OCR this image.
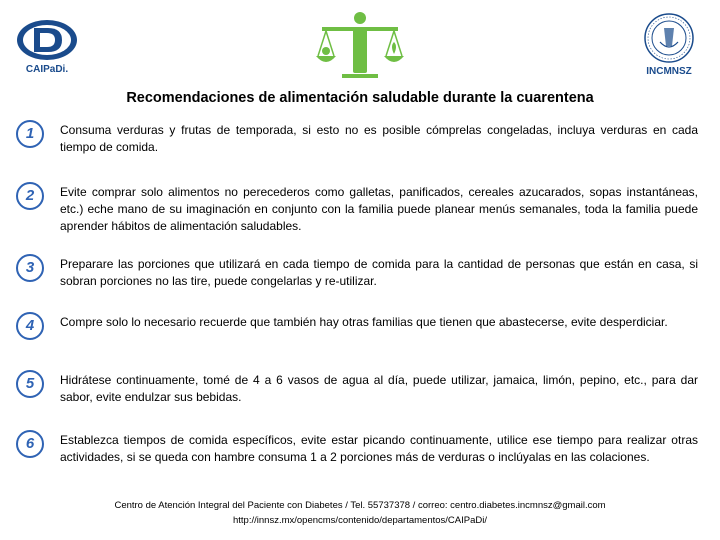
CAIPaDi.	INCMNSZ
Recomendaciones de alimentación saludable durante la cuarentena
1	Consuma verduras y frutas de temporada, si esto no es posible cómprelas congeladas, incluya verduras en cada tiempo de comida.
2	Evite comprar solo alimentos no perecederos como galletas, panificados, cereales azucarados, sopas instantáneas, etc.) eche mano de su imaginación en conjunto con la familia puede planear menús semanales, toda la familia puede aprender hábitos de alimentación saludables.
3	Preparare las porciones que utilizará en cada tiempo de comida para la cantidad de personas que están en casa, si sobran porciones no las tire, puede congelarlas y re-utilizar.
4	Compre solo lo necesario recuerde que también hay otras familias que tienen que abastecerse, evite desperdiciar.
5	Hidrátese continuamente, tomé de 4 a 6 vasos de agua al día, puede utilizar, jamaica, limón, pepino, etc., para dar sabor, evite endulzar sus bebidas.
6	Establezca tiempos de comida específicos, evite estar picando continuamente, utilice ese tiempo para realizar otras actividades, si se queda con hambre consuma 1 a 2 porciones más de verduras o inclúyalas en las colaciones.
Centro de Atención Integral del Paciente con Diabetes / Tel. 55737378 / correo: centro.diabetes.incmnsz@gmail.com
http://innsz.mx/opencms/contenido/departamentos/CAIPaDi/
